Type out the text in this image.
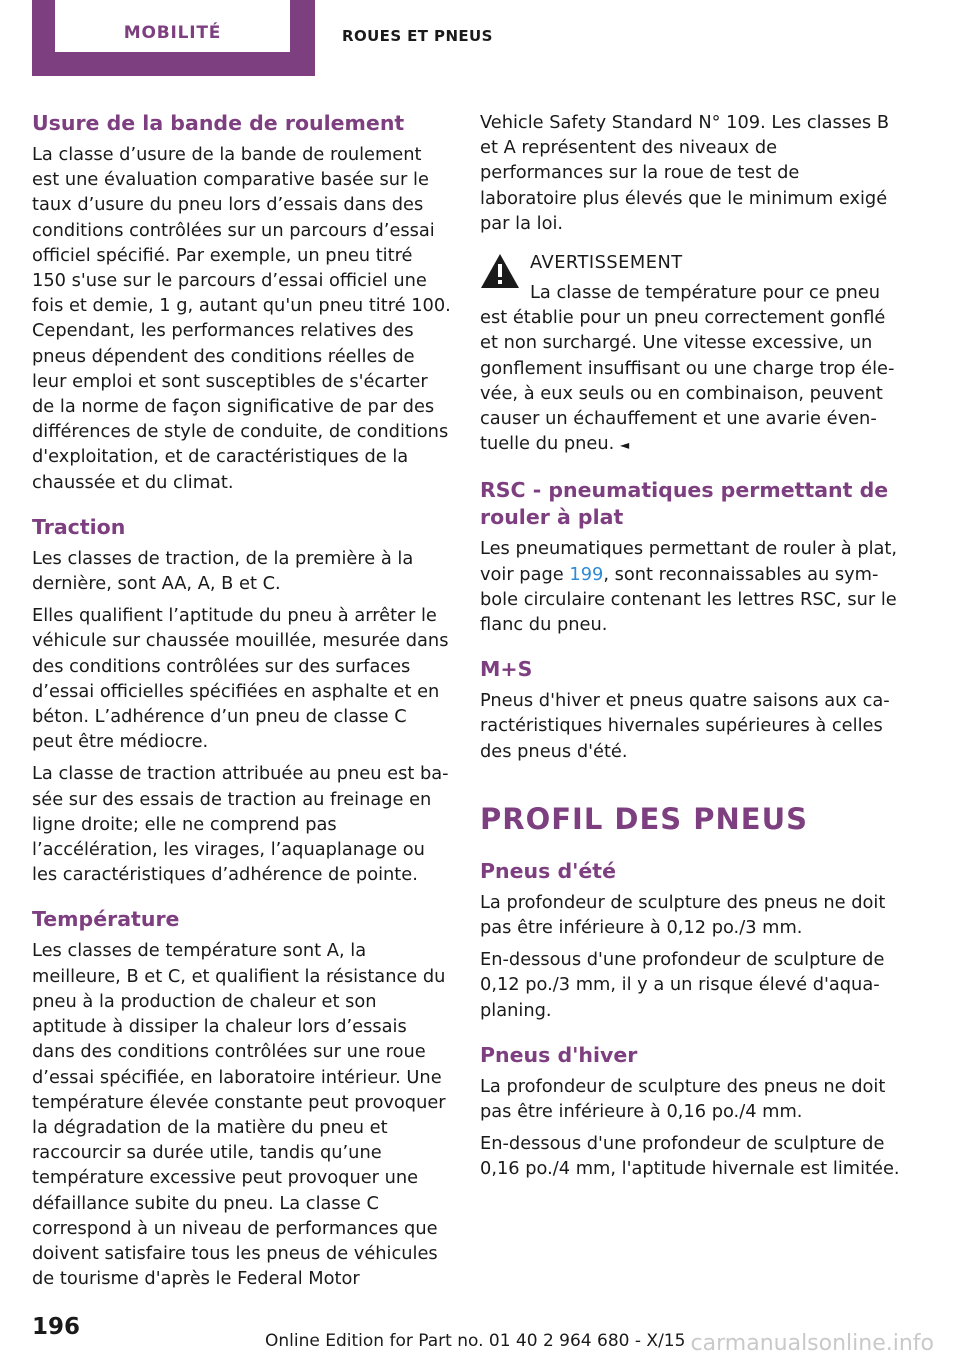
MOBILITÉ	ROUES ET PNEUS
Usure de la bande de roulement

La classe d’usure de la bande de roulement est une évaluation comparative basée sur le taux d’usure du pneu lors d’essais dans des conditions contrôlées sur un parcours d’essai officiel spécifié. Par exemple, un pneu titré 150 s'use sur le parcours d’essai officiel une fois et demie, 1 g, autant qu'un pneu titré 100. Cependant, les performances relatives des pneus dépendent des conditions réelles de leur emploi et sont susceptibles de s'écarter de la norme de façon significative de par des différences de style de conduite, de conditions d'exploitation, et de caractéristiques de la chaussée et du climat.

Traction

Les classes de traction, de la première à la dernière, sont AA, A, B et C.

Elles qualifient l’aptitude du pneu à arrêter le véhicule sur chaussée mouillée, mesurée dans des conditions contrôlées sur des surfaces d’essai officielles spécifiées en asphalte et en béton. L’adhérence d’un pneu de classe C peut être médiocre.

La classe de traction attribuée au pneu est basée sur des essais de traction au freinage en ligne droite; elle ne comprend pas l’accélération, les virages, l’aquaplanage ou les caractéristiques d’adhérence de pointe.

Température

Les classes de température sont A, la meilleure, B et C, et qualifient la résistance du pneu à la production de chaleur et son aptitude à dissiper la chaleur lors d’essais dans des conditions contrôlées sur une roue d’essai spécifiée, en laboratoire intérieur. Une température élevée constante peut provoquer la dégradation de la matière du pneu et raccourcir sa durée utile, tandis qu’une température excessive peut provoquer une défaillance subite du pneu. La classe C correspond à un niveau de performances que doivent satisfaire tous les pneus de véhicules de tourisme d'après le Federal Motor

Vehicle Safety Standard N° 109. Les classes B et A représentent des niveaux de performances sur la roue de test de laboratoire plus élevés que le minimum exigé par la loi.

AVERTISSEMENT

La classe de température pour ce pneu

est établie pour un pneu correctement gonflé et non surchargé. Une vitesse excessive, un gonflement insuffisant ou une charge trop élevée, à eux seuls ou en combinaison, peuvent causer un échauffement et une avarie éventuelle du pneu. ◄

RSC - pneumatiques permettant de rouler à plat

Les pneumatiques permettant de rouler à plat, voir page 199, sont reconnaissables au symbole circulaire contenant les lettres RSC, sur le flanc du pneu.

M+S

Pneus d'hiver et pneus quatre saisons aux caractéristiques hivernales supérieures à celles des pneus d'été.

PROFIL DES PNEUS
Pneus d'été

La profondeur de sculpture des pneus ne doit pas être inférieure à 0,12 po./3 mm.

En-dessous d'une profondeur de sculpture de 0,12 po./3 mm, il y a un risque élevé d'aquaplaning.

Pneus d'hiver

La profondeur de sculpture des pneus ne doit pas être inférieure à 0,16 po./4 mm.

En-dessous d'une profondeur de sculpture de 0,16 po./4 mm, l'aptitude hivernale est limitée.

196
Online Edition for Part no. 01 40 2 964 680 - X/15 carmanualsonline.info
